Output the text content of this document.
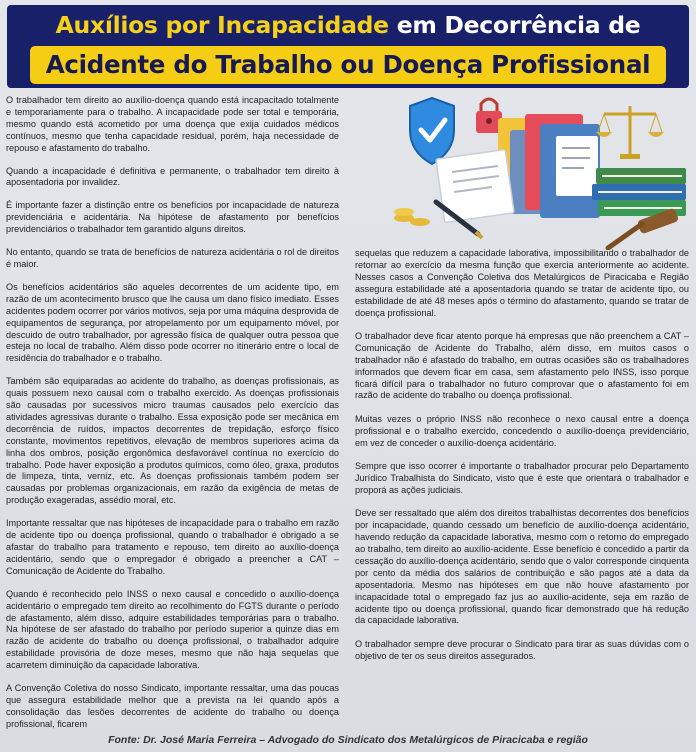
Auxílios por Incapacidade em Decorrência de
Acidente do Trabalho ou Doença Profissional

O trabalhador tem direito ao auxílio-doença quando está incapacitado totalmente e temporariamente para o trabalho. A incapacidade pode ser total e temporária, mesmo quando está acometido por uma doença que exija cuidados médicos contínuos, mesmo que tenha capacidade residual, porém, haja necessidade de repouso e afastamento do trabalho.

Quando a incapacidade é definitiva e permanente, o trabalhador tem direito à aposentadoria por invalidez.

É importante fazer a distinção entre os benefícios por incapacidade de natureza previdenciária e acidentária. Na hipótese de afastamento por benefícios previdenciários o trabalhador tem garantido alguns direitos.

No entanto, quando se trata de benefícios de natureza acidentária o rol de direitos é maior.

Os benefícios acidentários são aqueles decorrentes de um acidente tipo, em razão de um acontecimento brusco que lhe causa um dano físico imediato. Esses acidentes podem ocorrer por vários motivos, seja por uma máquina desprovida de equipamentos de segurança, por atropelamento por um equipamento móvel, por descuido de outro trabalhador, por agressão física de qualquer outra pessoa que esteja no local de trabalho. Além disso pode ocorrer no itinerário entre o local de residência do trabalhador e o trabalho.

Também são equiparadas ao acidente do trabalho, as doenças profissionais, as quais possuem nexo causal com o trabalho exercido. As doenças profissionais são causadas por sucessivos micro traumas causados pelo exercício das atividades agressivas durante o trabalho. Essa exposição pode ser mecânica em decorrência de ruídos, impactos decorrentes de trepidação, esforço físico constante, movimentos repetitivos, elevação de membros superiores acima da linha dos ombros, posição ergonômica desfavorável contínua no exercício do trabalho. Pode haver exposição a produtos químicos, como óleo, graxa, produtos de limpeza, tinta, verniz, etc. As doenças profissionais também podem ser causadas por problemas organizacionais, em razão da exigência de metas de produção exageradas, assédio moral, etc.

Importante ressaltar que nas hipóteses de incapacidade para o trabalho em razão de acidente tipo ou doença profissional, quando o trabalhador é obrigado a se afastar do trabalho para tratamento e repouso, tem direito ao auxílio-doença acidentário, sendo que o empregador é obrigado a preencher a CAT – Comunicação de Acidente do Trabalho.

Quando é reconhecido pelo INSS o nexo causal e concedido o auxílio-doença acidentário o empregado tem direito ao recolhimento do FGTS durante o período de afastamento, além disso, adquire estabilidades temporárias para o trabalho. Na hipótese de ser afastado do trabalho por período superior a quinze dias em razão de acidente do trabalho ou doença profissional, o trabalhador adquire estabilidade provisória de doze meses, mesmo que não haja sequelas que acarretem diminuição da capacidade laborativa.

A Convenção Coletiva do nosso Sindicato, importante ressaltar, uma das poucas que assegura estabilidade melhor que a prevista na lei quando após a consolidação das lesões decorrentes de acidente do trabalho ou doença profissional, ficarem

sequelas que reduzem a capacidade laborativa, impossibilitando o trabalhador de retornar ao exercício da mesma função que exercia anteriormente ao acidente. Nesses casos a Convenção Coletiva dos Metalúrgicos de Piracicaba e Região assegura estabilidade até a aposentadoria quando se tratar de acidente tipo, ou estabilidade de até 48 meses após o término do afastamento, quando se tratar de doença profissional.

O trabalhador deve ficar atento porque há empresas que não preenchem a CAT – Comunicação de Acidente do Trabalho, além disso, em muitos casos o trabalhador não é afastado do trabalho, em outras ocasiões são os trabalhadores informados que devem ficar em casa, sem afastamento pelo INSS, isso porque ficará difícil para o trabalhador no futuro comprovar que o afastamento foi em razão de acidente do trabalho ou doença profissional.

Muitas vezes o próprio INSS não reconhece o nexo causal entre a doença profissional e o trabalho exercido, concedendo o auxílio-doença previdenciário, em vez de conceder o auxílio-doença acidentário.

Sempre que isso ocorrer é importante o trabalhador procurar pelo Departamento Jurídico Trabalhista do Sindicato, visto que é este que orientará o trabalhador e proporá as ações judiciais.

Deve ser ressaltado que além dos direitos trabalhistas decorrentes dos benefícios por incapacidade, quando cessado um benefício de auxílio-doença acidentário, havendo redução da capacidade laborativa, mesmo com o retorno do empregado ao trabalho, tem direito ao auxílio-acidente. Esse benefício é concedido a partir da cessação do auxílio-doença acidentário, sendo que o valor corresponde cinquenta por cento da média dos salários de contribuição e são pagos até a data da aposentadoria. Mesmo nas hipóteses em que não houve afastamento por incapacidade total o empregado faz jus ao auxílio-acidente, seja em razão de acidente tipo ou doença profissional, quando ficar demonstrado que há redução da capacidade laborativa.

O trabalhador sempre deve procurar o Sindicato para tirar as suas dúvidas com o objetivo de ter os seus direitos assegurados.

Fonte: Dr. José Maria Ferreira – Advogado do Sindicato dos Metalúrgicos de Piracicaba e região
